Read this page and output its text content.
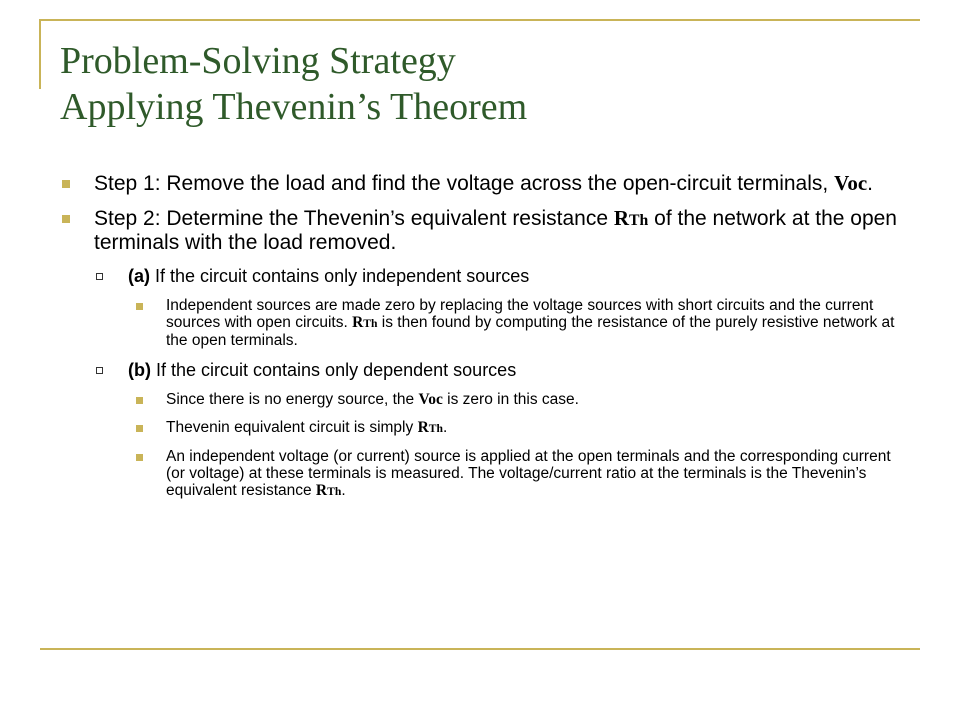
Problem-Solving Strategy
Applying Thevenin’s Theorem
Step 1: Remove the load and find the voltage across the open-circuit terminals, Voc.
Step 2: Determine the Thevenin’s equivalent resistance RTh of the network at the open terminals with the load removed.
(a) If the circuit contains only independent sources
Independent sources are made zero by replacing the voltage sources with short circuits and the current sources with open circuits. RTh is then found by computing the resistance of the purely resistive network at the open terminals.
(b) If the circuit contains only dependent sources
Since there is no energy source, the Voc is zero in this case.
Thevenin equivalent circuit is simply RTh.
An independent voltage (or current) source is applied at the open terminals and the corresponding current (or voltage) at these terminals is measured. The voltage/current ratio at the terminals is the Thevenin’s equivalent resistance RTh.
